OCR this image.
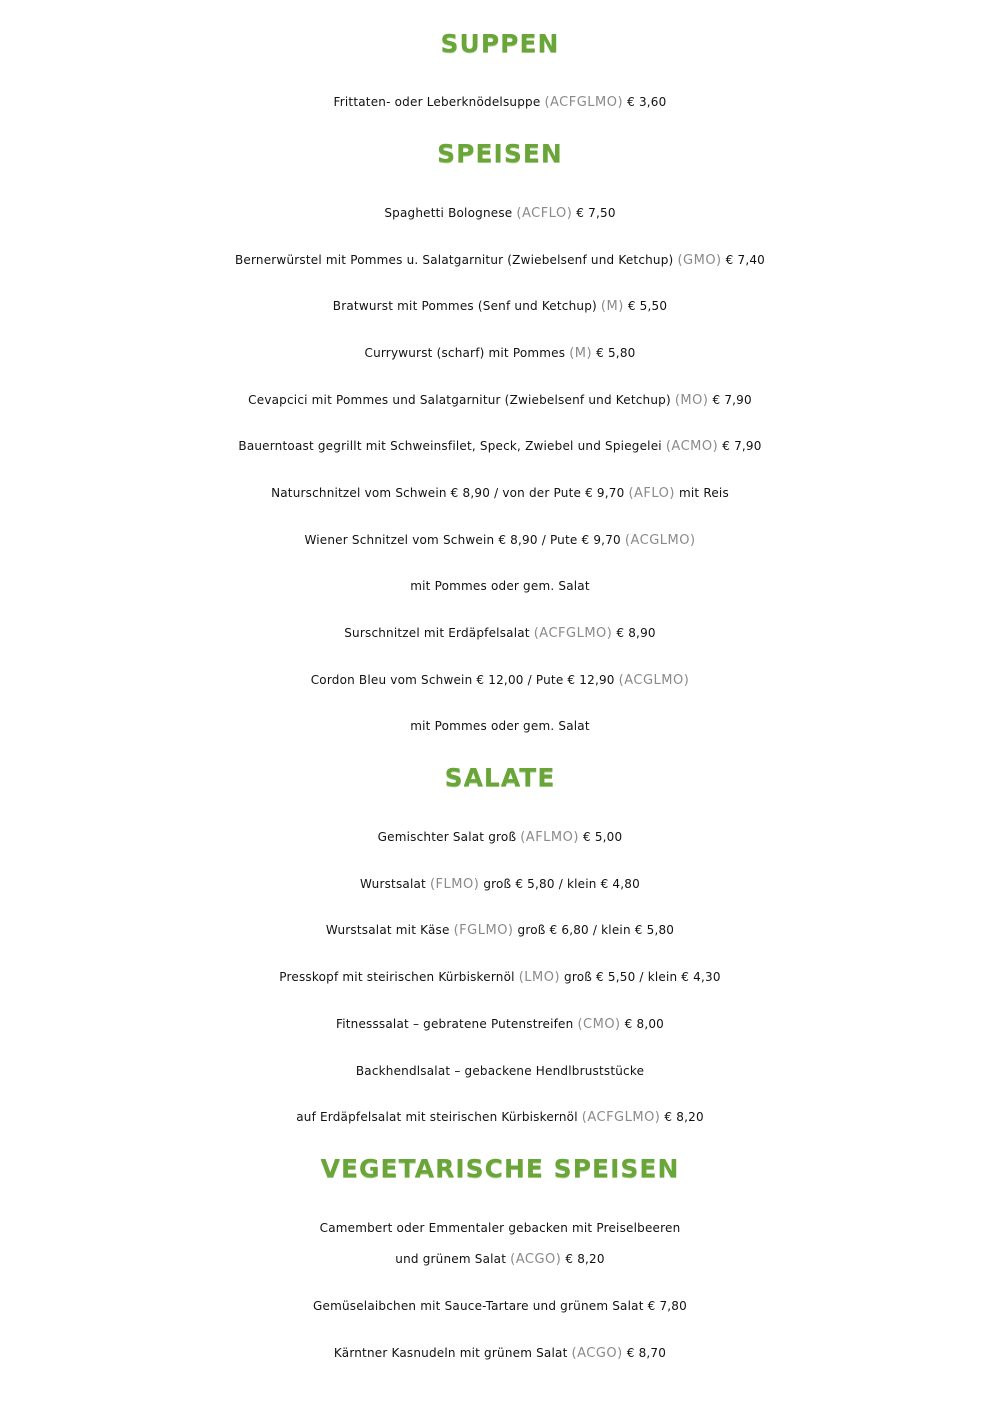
SUPPEN
Frittaten- oder Leberknödelsuppe (ACFGLMO) € 3,60
SPEISEN
Spaghetti Bolognese (ACFLO) € 7,50
Bernerwürstel mit Pommes u. Salatgarnitur (Zwiebelsenf und Ketchup) (GMO) € 7,40
Bratwurst mit Pommes (Senf und Ketchup) (M) € 5,50
Currywurst (scharf) mit Pommes (M) € 5,80
Cevapcici mit Pommes und Salatgarnitur (Zwiebelsenf und Ketchup) (MO) € 7,90
Bauerntoast gegrillt mit Schweinsfilet, Speck, Zwiebel und Spiegelei (ACMO) € 7,90
Naturschnitzel vom Schwein € 8,90 / von der Pute € 9,70 (AFLO) mit Reis
Wiener Schnitzel vom Schwein € 8,90 / Pute € 9,70 (ACGLMO)
mit Pommes oder gem. Salat
Surschnitzel mit Erdäpfelsalat (ACFGLMO) € 8,90
Cordon Bleu vom Schwein € 12,00 / Pute € 12,90 (ACGLMO)
mit Pommes oder gem. Salat
SALATE
Gemischter Salat groß (AFLMO) € 5,00
Wurstsalat (FLMO) groß € 5,80 / klein € 4,80
Wurstsalat mit Käse (FGLMO) groß € 6,80 / klein € 5,80
Presskopf mit steirischen Kürbiskernöl (LMO) groß € 5,50 / klein € 4,30
Fitnesssalat – gebratene Putenstreifen (CMO) € 8,00
Backhendlsalat – gebackene Hendlbruststücke
auf Erdäpfelsalat mit steirischen Kürbiskernöl (ACFGLMO) € 8,20
VEGETARISCHE SPEISEN
Camembert oder Emmentaler gebacken mit Preiselbeeren
und grünem Salat (ACGO) € 8,20
Gemüselaibchen mit Sauce-Tartare und grünem Salat € 7,80
Kärntner Kasnudeln mit grünem Salat (ACGO) € 8,70
